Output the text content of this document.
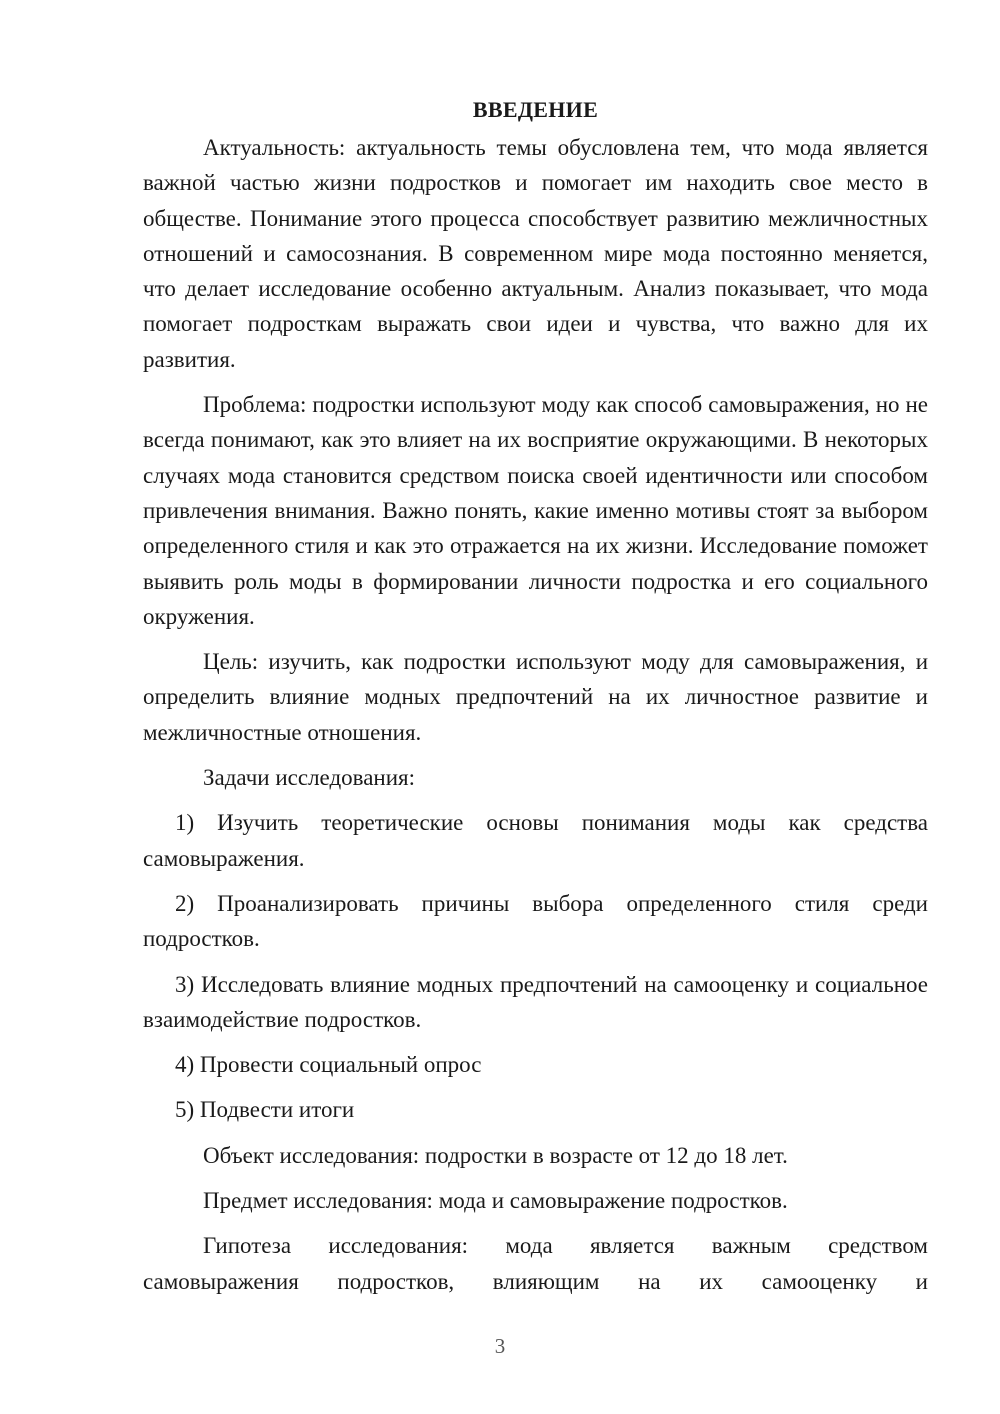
ВВЕДЕНИЕ

Актуальность: актуальность темы обусловлена тем, что мода является важной частью жизни подростков и помогает им находить свое место в обществе. Понимание этого процесса способствует развитию межличностных отношений и самосознания. В современном мире мода постоянно меняется, что делает исследование особенно актуальным. Анализ показывает, что мода помогает подросткам выражать свои идеи и чувства, что важно для их развития.

Проблема: подростки используют моду как способ самовыражения, но не всегда понимают, как это влияет на их восприятие окружающими. В некоторых случаях мода становится средством поиска своей идентичности или способом привлечения внимания. Важно понять, какие именно мотивы стоят за выбором определенного стиля и как это отражается на их жизни. Исследование поможет выявить роль моды в формировании личности подростка и его социального окружения.

Цель: изучить, как подростки используют моду для самовыражения, и определить влияние модных предпочтений на их личностное развитие и межличностные отношения.

Задачи исследования:

1) Изучить теоретические основы понимания моды как средства самовыражения.

2) Проанализировать причины выбора определенного стиля среди подростков.

3) Исследовать влияние модных предпочтений на самооценку и социальное взаимодействие подростков.

4) Провести социальный опрос

5) Подвести итоги

Объект исследования: подростки в возрасте от 12 до 18 лет.

Предмет исследования: мода и самовыражение подростков.

Гипотеза исследования: мода является важным средством самовыражения подростков, влияющим на их самооценку и

3
